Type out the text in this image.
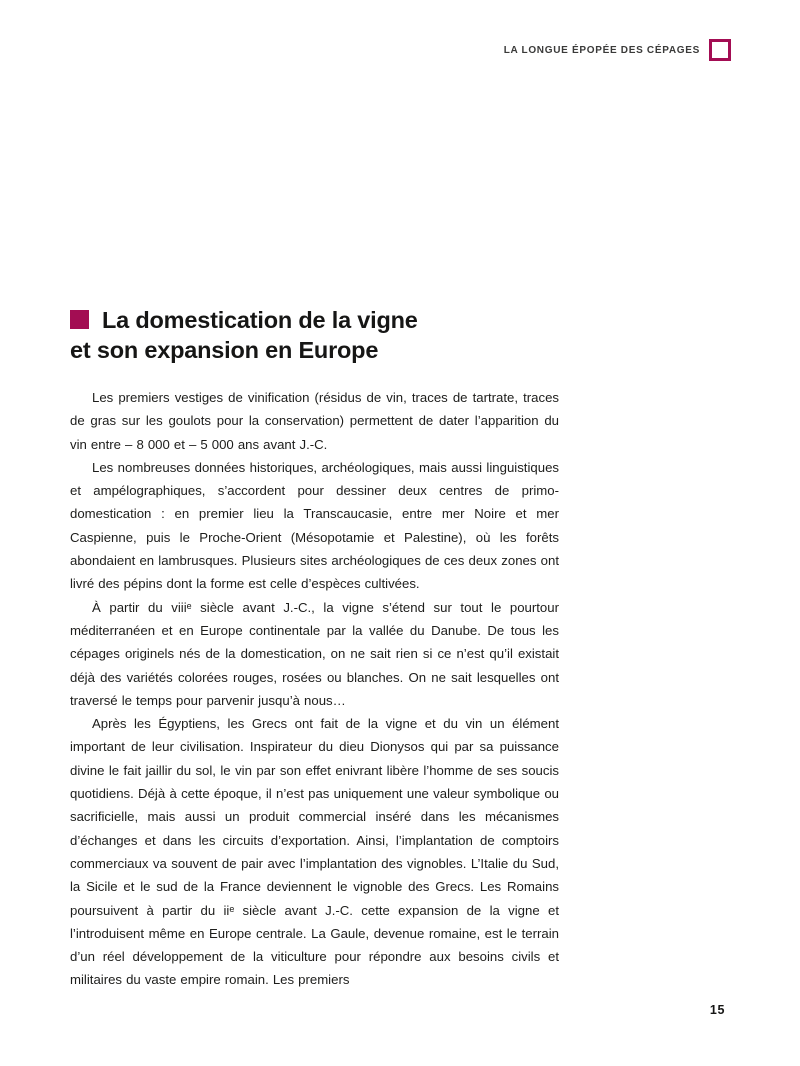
LA LONGUE ÉPOPÉE DES CÉPAGES
La domestication de la vigne
et son expansion en Europe

Les premiers vestiges de vinification (résidus de vin, traces de tartrate, traces de gras sur les goulots pour la conservation) permettent de dater l’apparition du vin entre – 8 000 et – 5 000 ans avant J.-C.

Les nombreuses données historiques, archéologiques, mais aussi linguistiques et ampélographiques, s’accordent pour dessiner deux centres de primo-domestication : en premier lieu la Transcaucasie, entre mer Noire et mer Caspienne, puis le Proche-Orient (Mésopotamie et Palestine), où les forêts abondaient en lambrusques. Plusieurs sites archéologiques de ces deux zones ont livré des pépins dont la forme est celle d’espèces cultivées.

À partir du viiiᵉ siècle avant J.-C., la vigne s’étend sur tout le pourtour méditerranéen et en Europe continentale par la vallée du Danube. De tous les cépages originels nés de la domestication, on ne sait rien si ce n’est qu’il existait déjà des variétés colorées rouges, rosées ou blanches. On ne sait lesquelles ont traversé le temps pour parvenir jusqu’à nous…

Après les Égyptiens, les Grecs ont fait de la vigne et du vin un élément important de leur civilisation. Inspirateur du dieu Dionysos qui par sa puissance divine le fait jaillir du sol, le vin par son effet enivrant libère l’homme de ses soucis quotidiens. Déjà à cette époque, il n’est pas uniquement une valeur symbolique ou sacrificielle, mais aussi un produit commercial inséré dans les mécanismes d’échanges et dans les circuits d’exportation. Ainsi, l’implantation de comptoirs commerciaux va souvent de pair avec l’implantation des vignobles. L’Italie du Sud, la Sicile et le sud de la France deviennent le vignoble des Grecs. Les Romains poursuivent à partir du iiᵉ siècle avant J.-C. cette expansion de la vigne et l’introduisent même en Europe centrale. La Gaule, devenue romaine, est le terrain d’un réel développement de la viticulture pour répondre aux besoins civils et militaires du vaste empire romain. Les premiers

15
